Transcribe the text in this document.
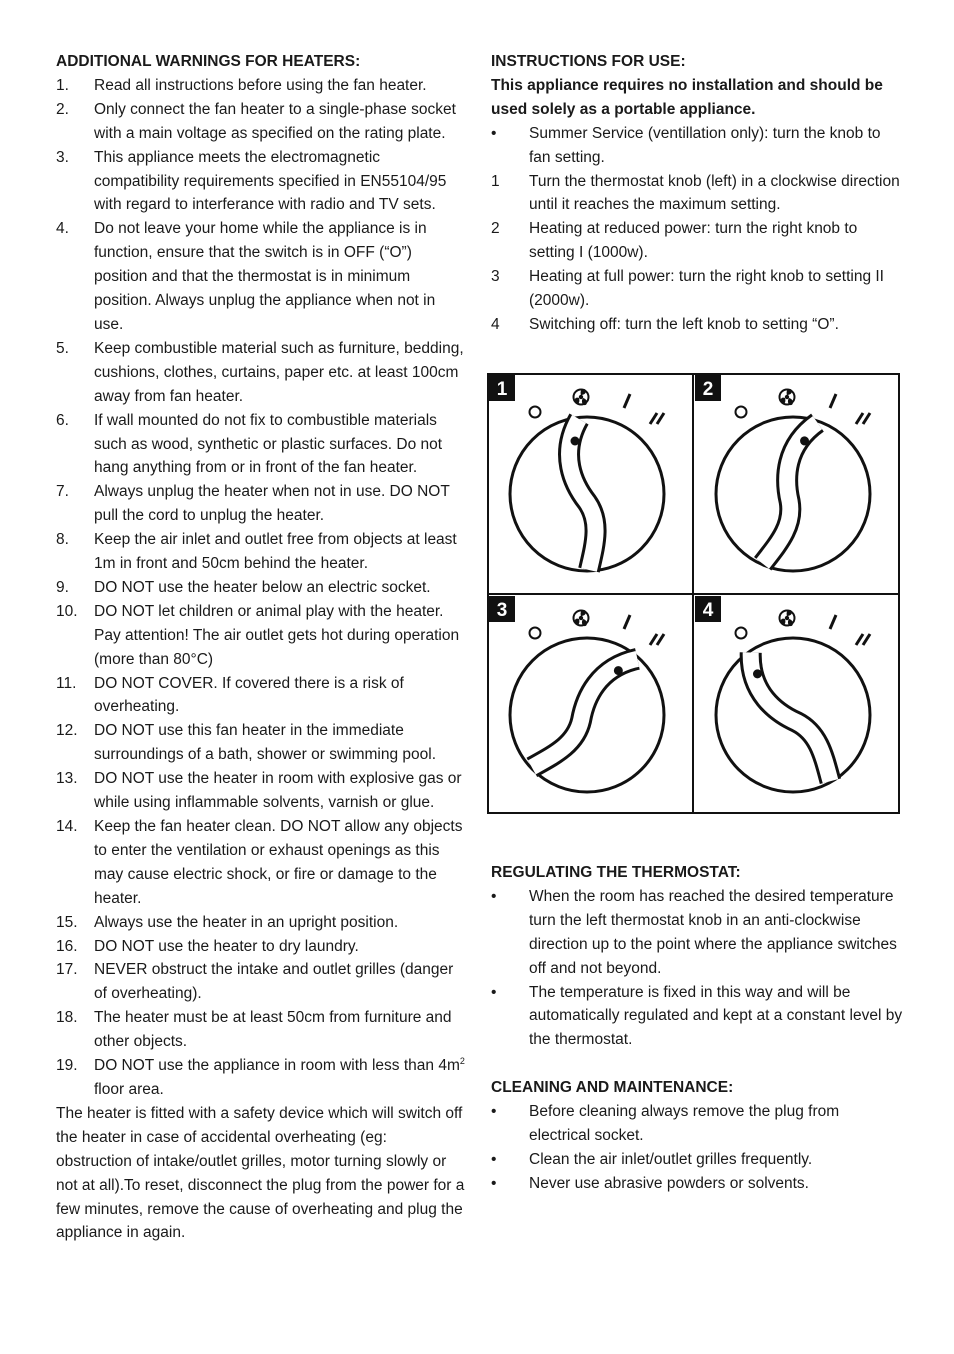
ADDITIONAL WARNINGS FOR HEATERS:
1. Read all instructions before using the fan heater.
2. Only connect the fan heater to a single-phase socket with a main voltage as specified on the rating plate.
3. This appliance meets the electromagnetic compatibility requirements specified in EN55104/95 with regard to interferance with radio and TV sets.
4. Do not leave your home while the appliance is in function, ensure that the switch is in OFF (“O”) position and that the thermostat is in minimum position. Always unplug the appliance when not in use.
5. Keep combustible material such as furniture, bedding, cushions, clothes, curtains, paper etc. at least 100cm away from fan heater.
6. If wall mounted do not fix to combustible materials such as wood, synthetic or plastic surfaces. Do not hang anything from or in front of the fan heater.
7. Always unplug the heater when not in use. DO NOT pull the cord to unplug the heater.
8. Keep the air inlet and outlet free from objects at least 1m in front and 50cm behind the heater.
9. DO NOT use the heater below an electric socket.
10. DO NOT let children or animal play with the heater. Pay attention! The air outlet gets hot during operation (more than 80°C)
11. DO NOT COVER. If covered there is a risk of overheating.
12. DO NOT use this fan heater in the immediate surroundings of a bath, shower or swimming pool.
13. DO NOT use the heater in room with explosive gas or while using inflammable solvents, varnish or glue.
14. Keep the fan heater clean. DO NOT allow any objects to enter the ventilation or exhaust openings as this may cause electric shock, or fire or damage to the heater.
15. Always use the heater in an upright position.
16. DO NOT use the heater to dry laundry.
17. NEVER obstruct the intake and outlet grilles (danger of overheating).
18. The heater must be at least 50cm from furniture and other objects.
19. DO NOT use the appliance in room with less than $4m^2$ floor area.

The heater is fitted with a safety device which will switch off the heater in case of accidental overheating (eg: obstruction of intake/outlet grilles, motor turning slowly or not at all).To reset, disconnect the plug from the power for a few minutes, remove the cause of overheating and plug the appliance in again.

INSTRUCTIONS FOR USE:

This appliance requires no installation and should be used solely as a portable appliance.

• Summer Service (ventillation only): turn the knob to fan setting.
1 Turn the thermostat knob (left) in a clockwise direction until it reaches the maximum setting.
2 Heating at reduced power: turn the right knob to setting I (1000w).
3 Heating at full power: turn the right knob to setting II (2000w).
4 Switching off: turn the left knob to setting “O”.
1	2
3	4
REGULATING THE THERMOSTAT:
• When the room has reached the desired temperature turn the left thermostat knob in an anti-clockwise direction up to the point where the appliance switches off and not beyond.
• The temperature is fixed in this way and will be automatically regulated and kept at a constant level by the thermostat.
CLEANING AND MAINTENANCE:
• Before cleaning always remove the plug from electrical socket.
• Clean the air inlet/outlet grilles frequently.
• Never use abrasive powders or solvents.
